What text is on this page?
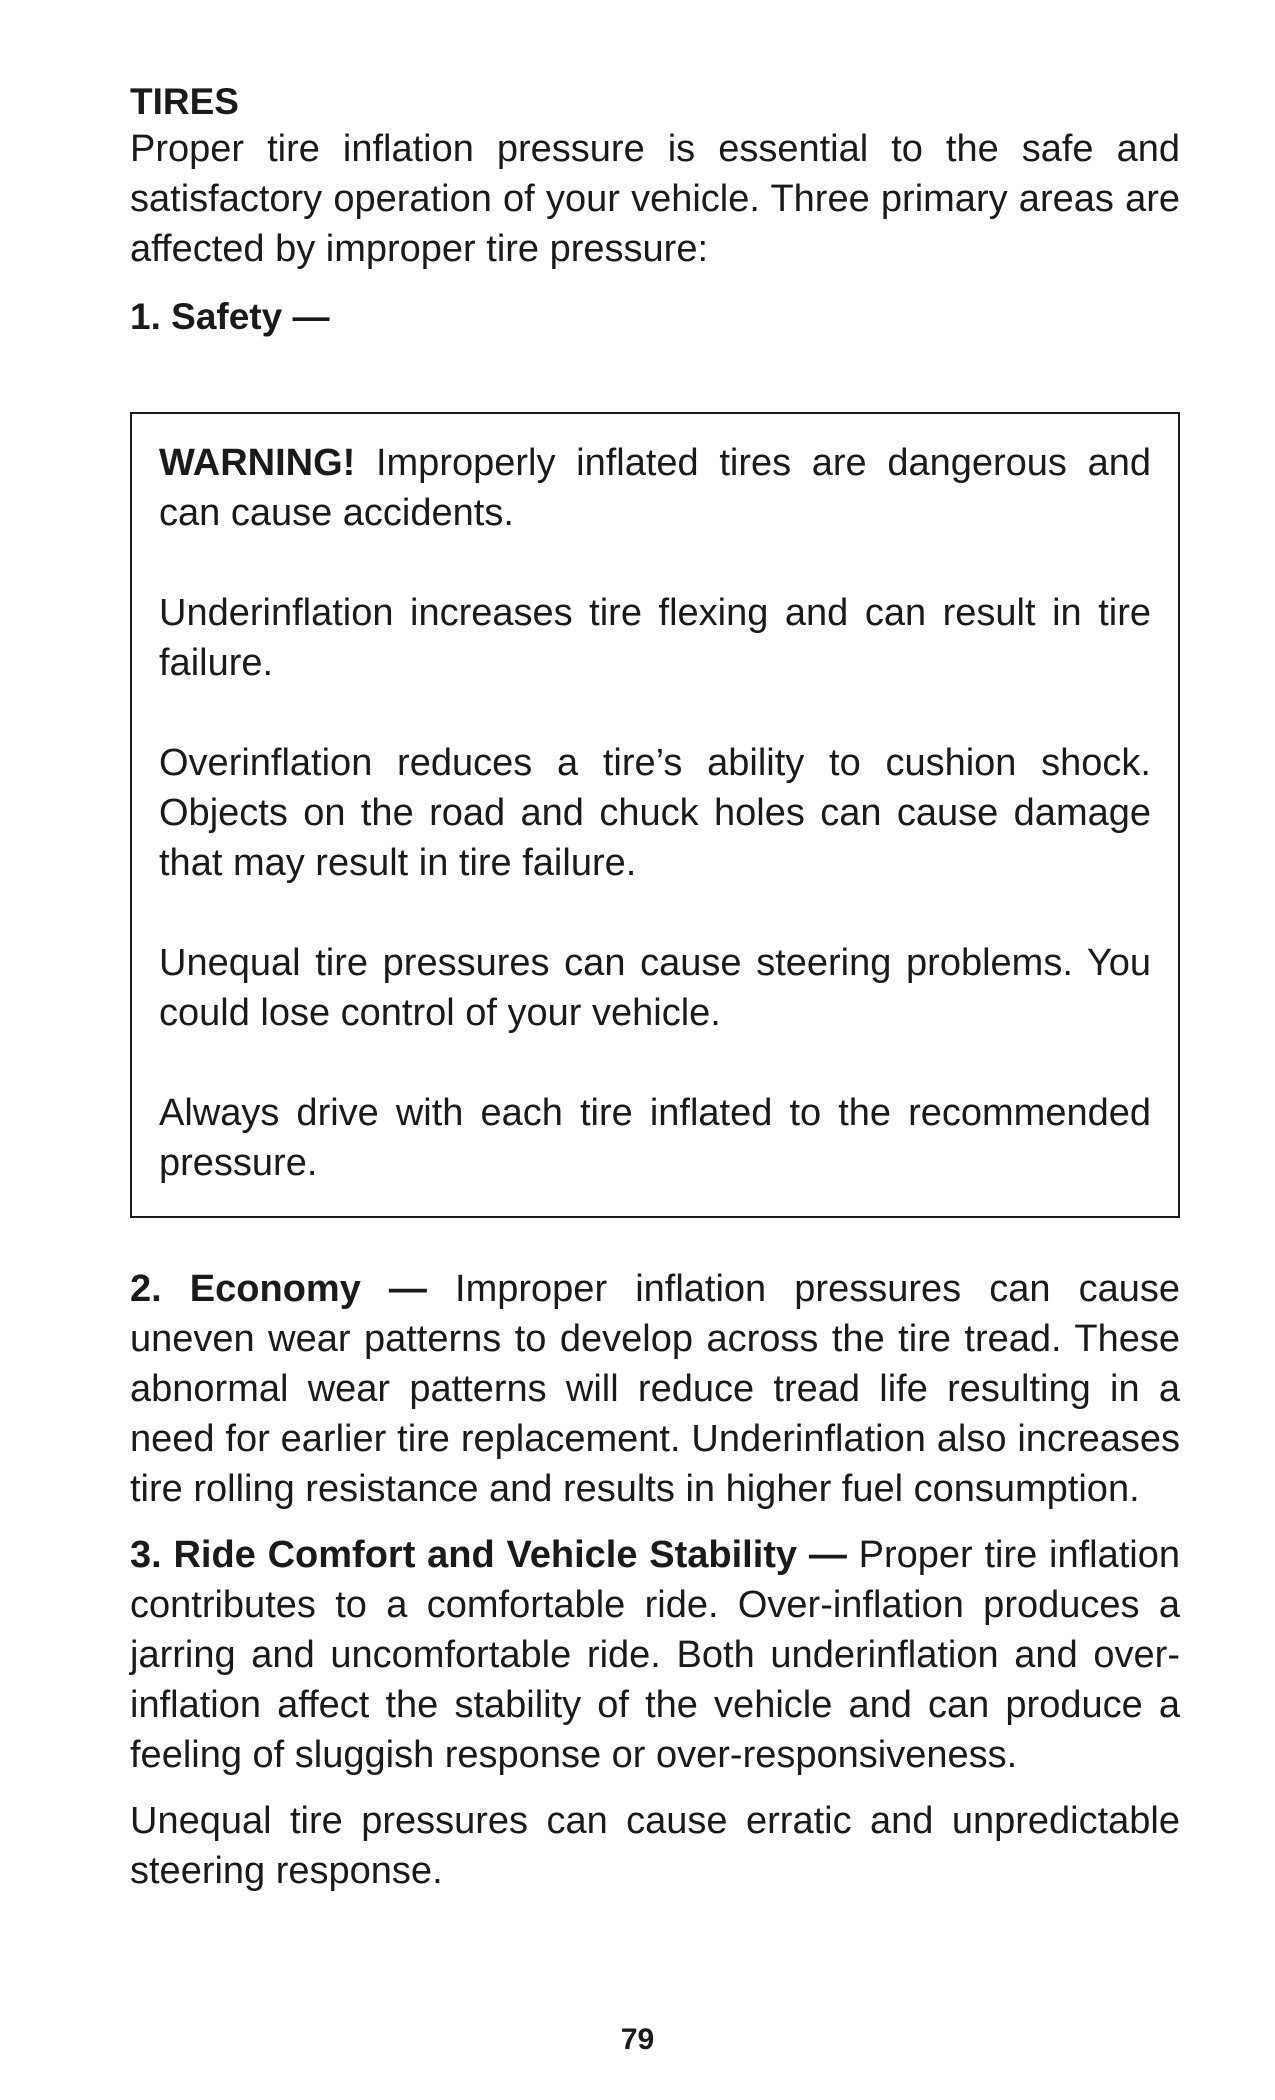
TIRES

Proper tire inflation pressure is essential to the safe and satisfactory operation of your vehicle. Three primary areas are affected by improper tire pressure:

1. Safety —

WARNING! Improperly inflated tires are dangerous and can cause accidents.

Underinflation increases tire flexing and can result in tire failure.

Overinflation reduces a tire’s ability to cushion shock. Objects on the road and chuck holes can cause damage that may result in tire failure.

Unequal tire pressures can cause steering problems. You could lose control of your vehicle.

Always drive with each tire inflated to the recommended pressure.

2. Economy — Improper inflation pressures can cause uneven wear patterns to develop across the tire tread. These abnormal wear patterns will reduce tread life resulting in a need for earlier tire replacement. Underinflation also increases tire rolling resistance and results in higher fuel consumption.

3. Ride Comfort and Vehicle Stability — Proper tire inflation contributes to a comfortable ride. Over-inflation produces a jarring and uncomfortable ride. Both underinflation and over-inflation affect the stability of the vehicle and can produce a feeling of sluggish response or over-responsiveness.

Unequal tire pressures can cause erratic and unpredictable steering response.

79
